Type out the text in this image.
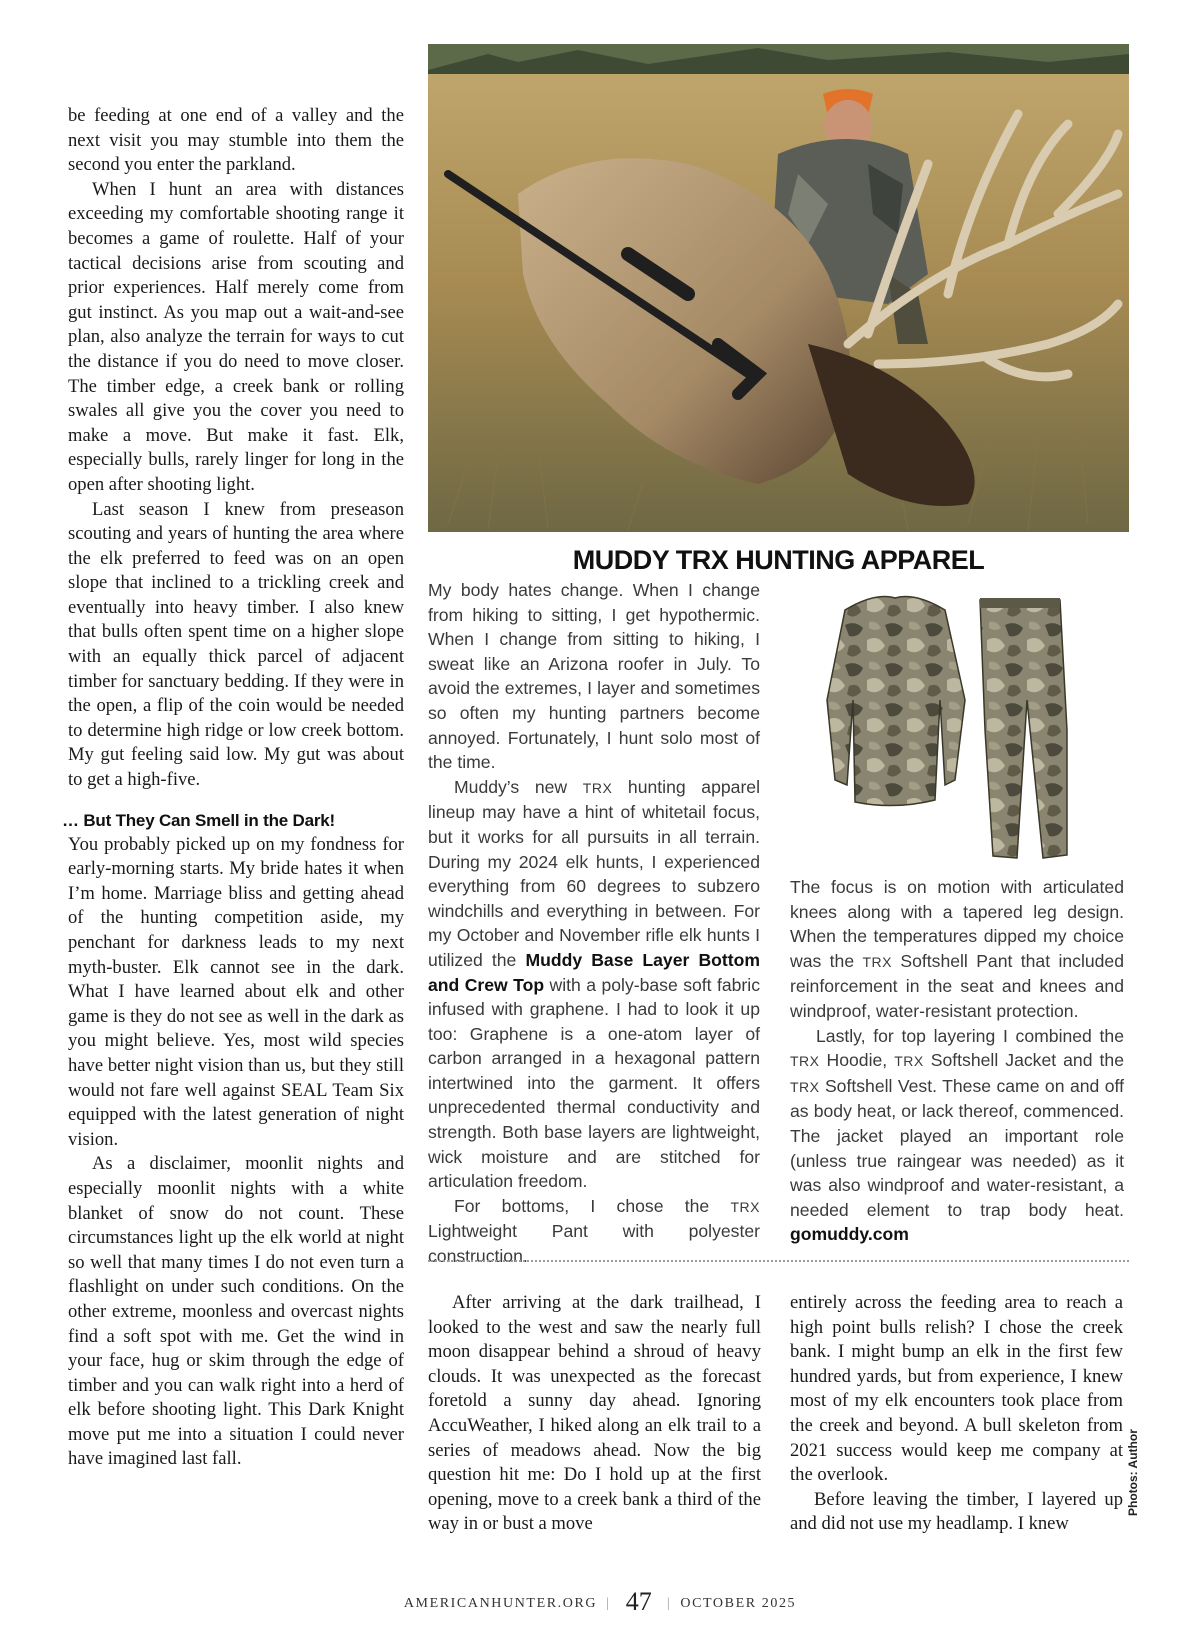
be feeding at one end of a valley and the next visit you may stumble into them the second you enter the parkland.

When I hunt an area with distances exceeding my comfortable shooting range it becomes a game of roulette. Half of your tactical decisions arise from scouting and prior experiences. Half merely come from gut instinct. As you map out a wait-and-see plan, also analyze the terrain for ways to cut the distance if you do need to move closer. The timber edge, a creek bank or rolling swales all give you the cover you need to make a move. But make it fast. Elk, especially bulls, rarely linger for long in the open after shooting light.

Last season I knew from preseason scouting and years of hunting the area where the elk preferred to feed was on an open slope that inclined to a trickling creek and eventually into heavy timber. I also knew that bulls often spent time on a higher slope with an equally thick parcel of adjacent timber for sanctuary bedding. If they were in the open, a flip of the coin would be needed to determine high ridge or low creek bottom. My gut feeling said low. My gut was about to get a high-five.

… But They Can Smell in the Dark!

You probably picked up on my fondness for early-morning starts. My bride hates it when I’m home. Marriage bliss and getting ahead of the hunting competition aside, my penchant for darkness leads to my next myth-buster. Elk cannot see in the dark. What I have learned about elk and other game is they do not see as well in the dark as you might believe. Yes, most wild species have better night vision than us, but they still would not fare well against SEAL Team Six equipped with the latest generation of night vision.

As a disclaimer, moonlit nights and especially moonlit nights with a white blanket of snow do not count. These circumstances light up the elk world at night so well that many times I do not even turn a flashlight on under such conditions. On the other extreme, moonless and overcast nights find a soft spot with me. Get the wind in your face, hug or skim through the edge of timber and you can walk right into a herd of elk before shooting light. This Dark Knight move put me into a situation I could never have imagined last fall.

MUDDY TRX HUNTING APPAREL

My body hates change. When I change from hiking to sitting, I get hypothermic. When I change from sitting to hiking, I sweat like an Arizona roofer in July. To avoid the extremes, I layer and sometimes so often my hunting partners become annoyed. Fortunately, I hunt solo most of the time.

Muddy’s new TRX hunting apparel lineup may have a hint of whitetail focus, but it works for all pursuits in all terrain. During my 2024 elk hunts, I experienced everything from 60 degrees to subzero windchills and everything in between. For my October and November rifle elk hunts I utilized the Muddy Base Layer Bottom and Crew Top with a poly-base soft fabric infused with graphene. I had to look it up too: Graphene is a one-atom layer of carbon arranged in a hexagonal pattern intertwined into the garment. It offers unprecedented thermal conductivity and strength. Both base layers are lightweight, wick moisture and are stitched for articulation freedom.

For bottoms, I chose the TRX Lightweight Pant with polyester construction.

The focus is on motion with articulated knees along with a tapered leg design. When the temperatures dipped my choice was the TRX Softshell Pant that included reinforcement in the seat and knees and windproof, water-resistant protection.

Lastly, for top layering I combined the TRX Hoodie, TRX Softshell Jacket and the TRX Softshell Vest. These came on and off as body heat, or lack thereof, commenced. The jacket played an important role (unless true raingear was needed) as it was also windproof and water-resistant, a needed element to trap body heat. gomuddy.com

After arriving at the dark trailhead, I looked to the west and saw the nearly full moon disappear behind a shroud of heavy clouds. It was unexpected as the forecast foretold a sunny day ahead. Ignoring AccuWeather, I hiked along an elk trail to a series of meadows ahead. Now the big question hit me: Do I hold up at the first opening, move to a creek bank a third of the way in or bust a move

entirely across the feeding area to reach a high point bulls relish? I chose the creek bank. I might bump an elk in the first few hundred yards, but from experience, I knew most of my elk encounters took place from the creek and beyond. A bull skeleton from 2021 success would keep me company at the overlook.

Before leaving the timber, I layered up and did not use my headlamp. I knew

Photos: Author
AMERICANHUNTER.ORG | 47 | OCTOBER 2025
